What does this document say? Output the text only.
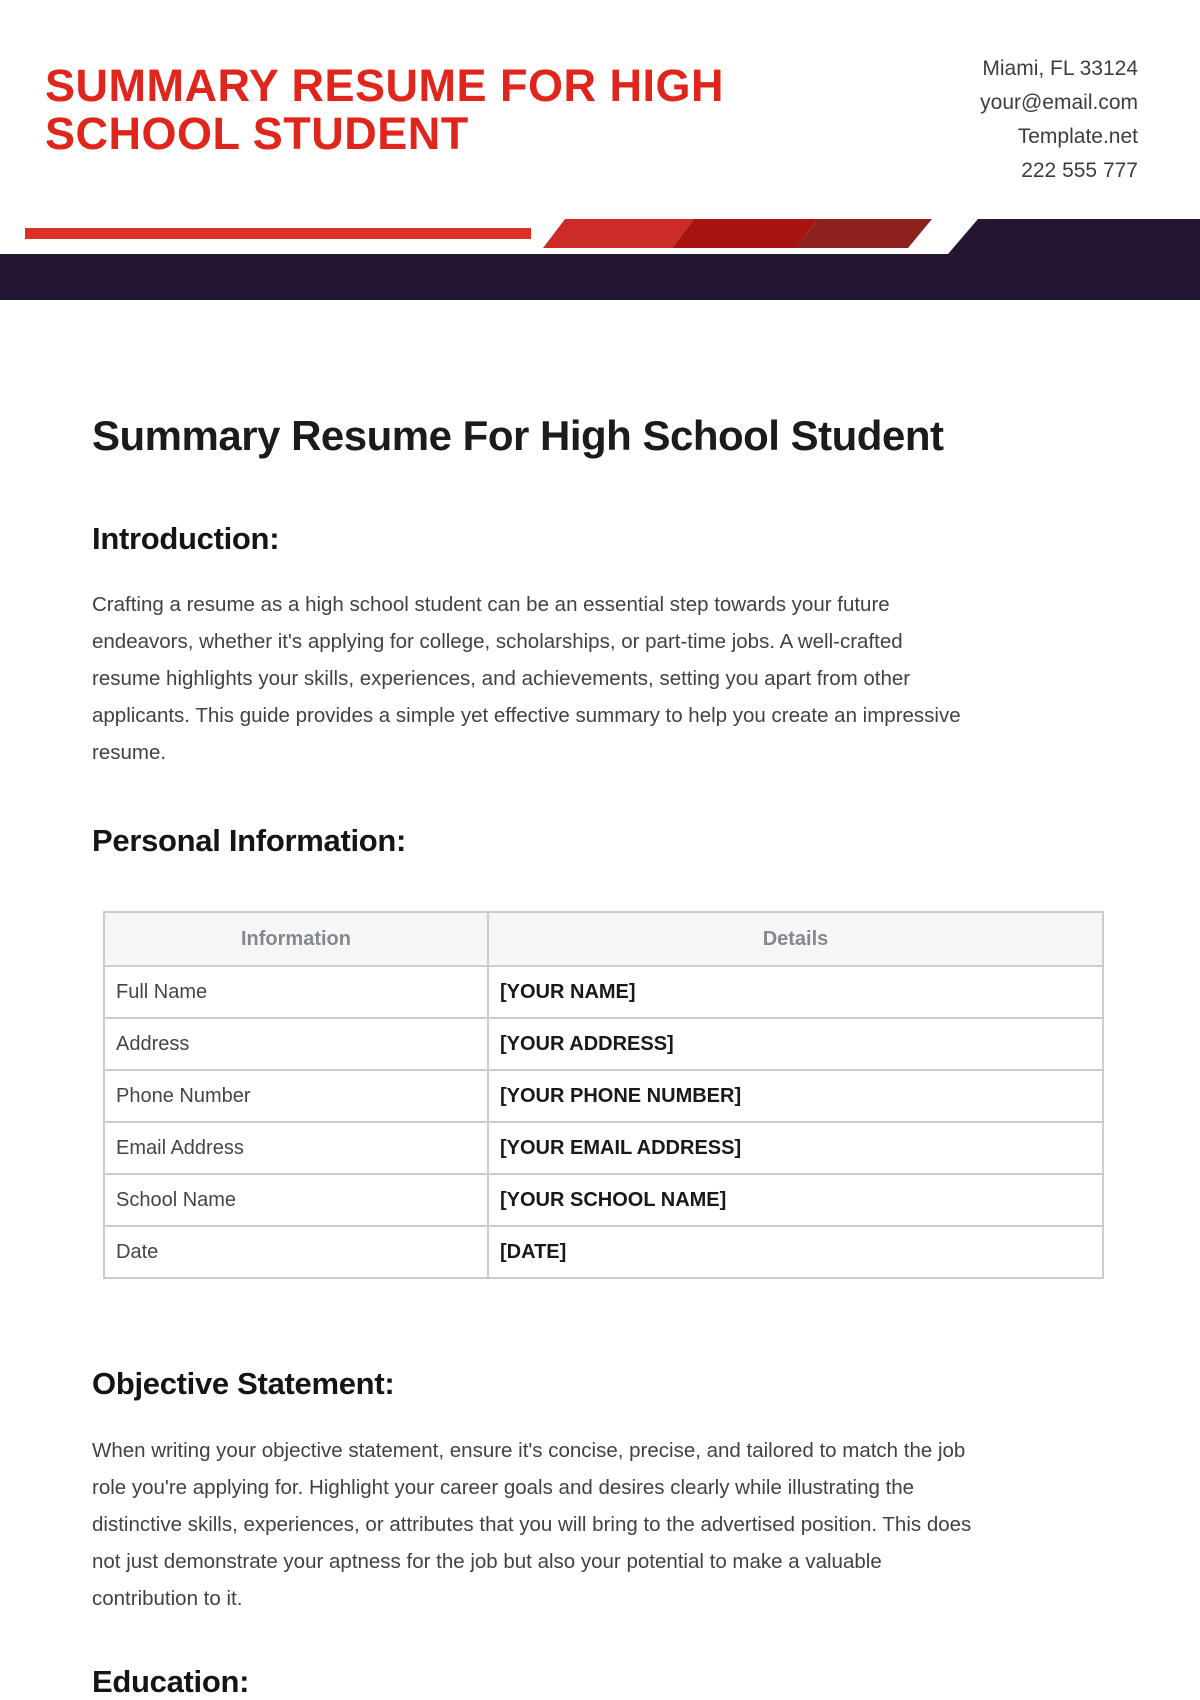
SUMMARY RESUME FOR HIGH
SCHOOL STUDENT
Miami, FL 33124
your@email.com
Template.net
222 555 777
Summary Resume For High School Student
Introduction:

Crafting a resume as a high school student can be an essential step towards your future endeavors, whether it's applying for college, scholarships, or part-time jobs. A well-crafted resume highlights your skills, experiences, and achievements, setting you apart from other applicants. This guide provides a simple yet effective summary to help you create an impressive resume.

Personal Information:
Information	Details
Full Name	[YOUR NAME]
Address	[YOUR ADDRESS]
Phone Number	[YOUR PHONE NUMBER]
Email Address	[YOUR EMAIL ADDRESS]
School Name	[YOUR SCHOOL NAME]
Date	[DATE]
Objective Statement:

When writing your objective statement, ensure it's concise, precise, and tailored to match the job role you're applying for. Highlight your career goals and desires clearly while illustrating the distinctive skills, experiences, or attributes that you will bring to the advertised position. This does not just demonstrate your aptness for the job but also your potential to make a valuable contribution to it.

Education:
